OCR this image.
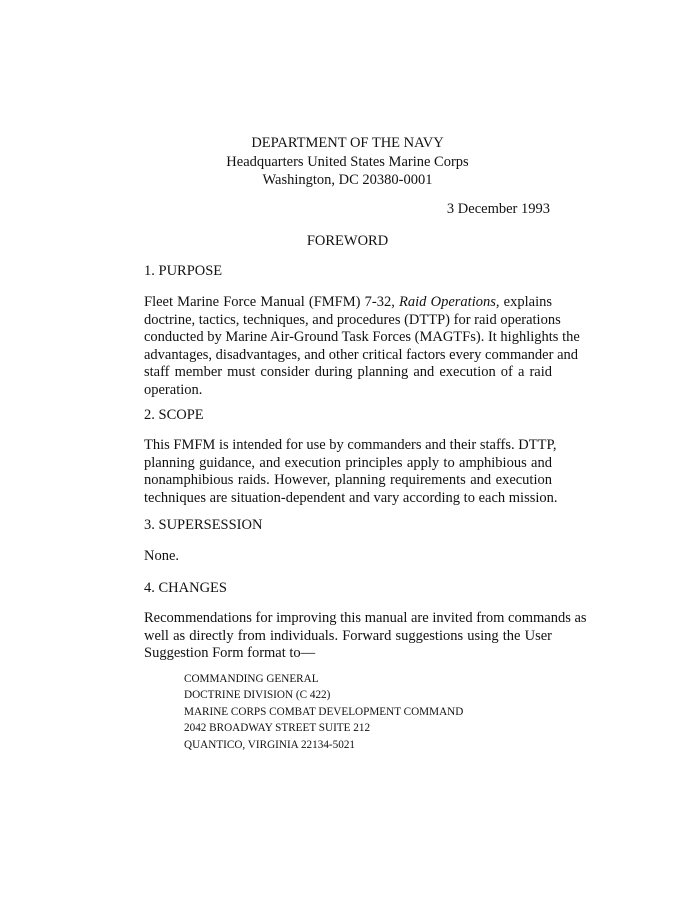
DEPARTMENT OF THE NAVY
Headquarters United States Marine Corps
Washington, DC 20380-0001
3 December 1993
FOREWORD
1. PURPOSE
Fleet Marine Force Manual (FMFM) 7-32, Raid Operations, explains
doctrine, tactics, techniques, and procedures (DTTP) for raid operations
conducted by Marine Air-Ground Task Forces (MAGTFs). It highlights the
advantages, disadvantages, and other critical factors every commander and
staff member must consider during planning and execution of a raid
operation.
2. SCOPE
This FMFM is intended for use by commanders and their staffs. DTTP,
planning guidance, and execution principles apply to amphibious and
nonamphibious raids. However, planning requirements and execution
techniques are situation-dependent and vary according to each mission.
3. SUPERSESSION
None.
4. CHANGES
Recommendations for improving this manual are invited from commands as
well as directly from individuals. Forward suggestions using the User
Suggestion Form format to—
COMMANDING GENERAL
DOCTRINE DIVISION (C 422)
MARINE CORPS COMBAT DEVELOPMENT COMMAND
2042 BROADWAY STREET SUITE 212
QUANTICO, VIRGINIA 22134-5021
